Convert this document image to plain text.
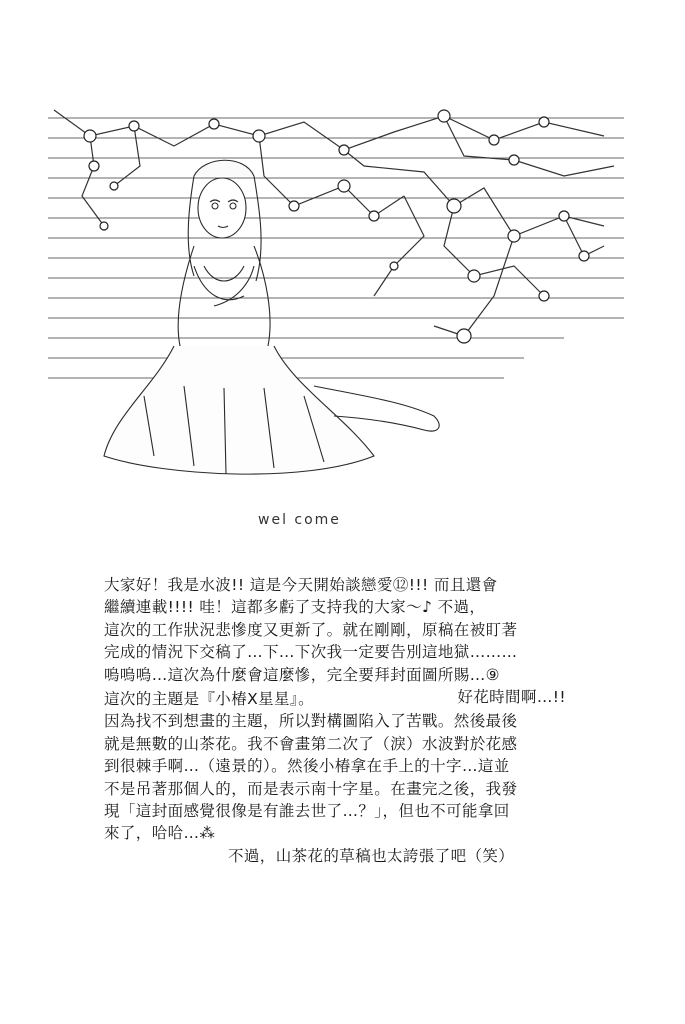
wel come
大家好！我是水波!! 這是今天開始談戀愛⑫!!! 而且還會
繼續連載!!!! 哇！這都多虧了支持我的大家～♪ 不過，
這次的工作狀況悲慘度又更新了。就在剛剛，原稿在被盯著
完成的情況下交稿了…下…下次我一定要告別這地獄………
嗚嗚嗚…這次為什麼會這麼慘，完全要拜封面圖所賜…⑨
好花時間啊…!!
這次的主題是『小椿X星星』。
因為找不到想畫的主題，所以對構圖陷入了苦戰。然後最後
就是無數的山茶花。我不會畫第二次了（淚）水波對於花感
到很棘手啊…（遠景的）。然後小椿拿在手上的十字…這並
不是吊著那個人的，而是表示南十字星。在畫完之後，我發
現「這封面感覺很像是有誰去世了…？」，但也不可能拿回
來了，哈哈…⁂
不過，山茶花的草稿也太誇張了吧（笑）
